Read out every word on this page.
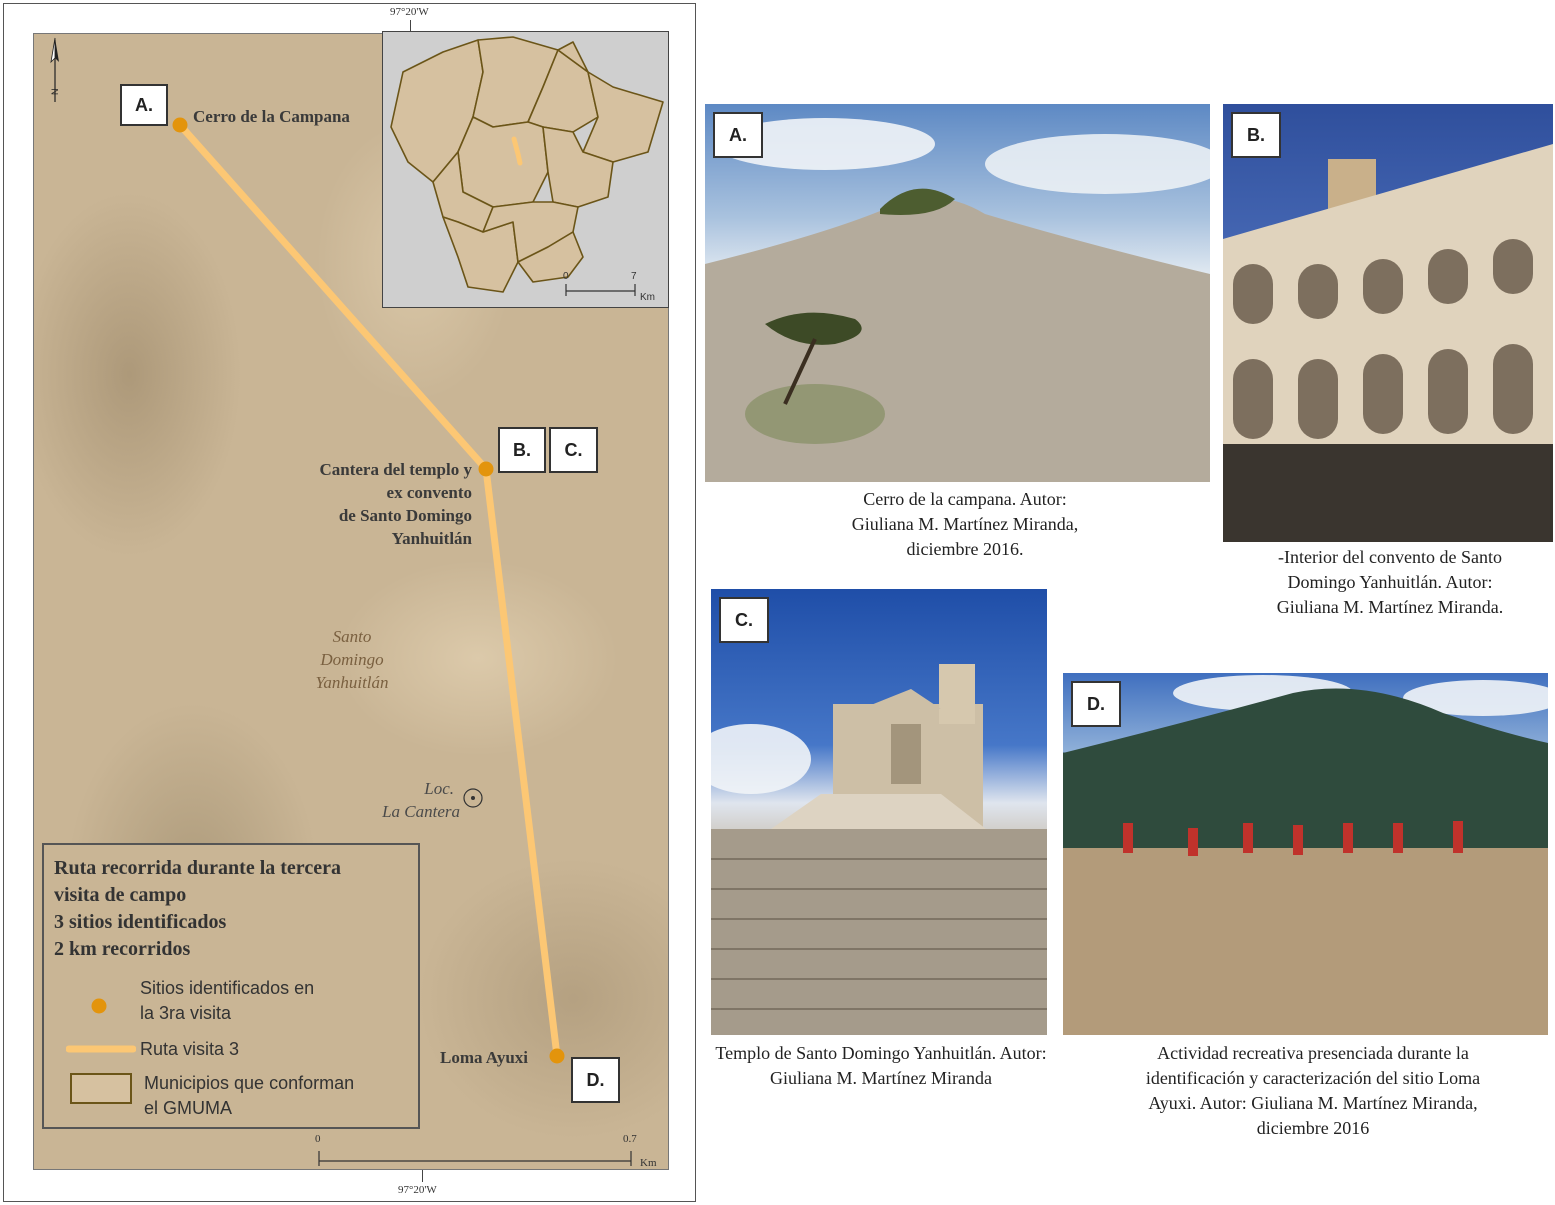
97°20'W
97°20'W
N
A.
Cerro de la Campana
B.	C.
Cantera del templo y
ex convento
de Santo Domingo
Yanhuitlán
Santo
Domingo
Yanhuitlán
Loc.
La Cantera
Loma Ayuxi
D.
0	0.7
Km
Ruta recorrida durante la tercera
visita de campo
3 sitios identificados
2 km recorridos
Sitios identificados en
la 3ra visita
Ruta visita 3
Municipios que conforman
el GMUMA
0	7
Km
A.
Cerro de la campana. Autor:
Giuliana M. Martínez Miranda,
diciembre 2016.
B.
-Interior del convento de Santo
Domingo Yanhuitlán. Autor:
Giuliana M. Martínez Miranda.
C.
Templo de Santo Domingo Yanhuitlán. Autor:
Giuliana M. Martínez Miranda
D.
Actividad recreativa presenciada durante la
identificación y caracterización del sitio Loma
Ayuxi. Autor: Giuliana M. Martínez Miranda,
diciembre 2016
